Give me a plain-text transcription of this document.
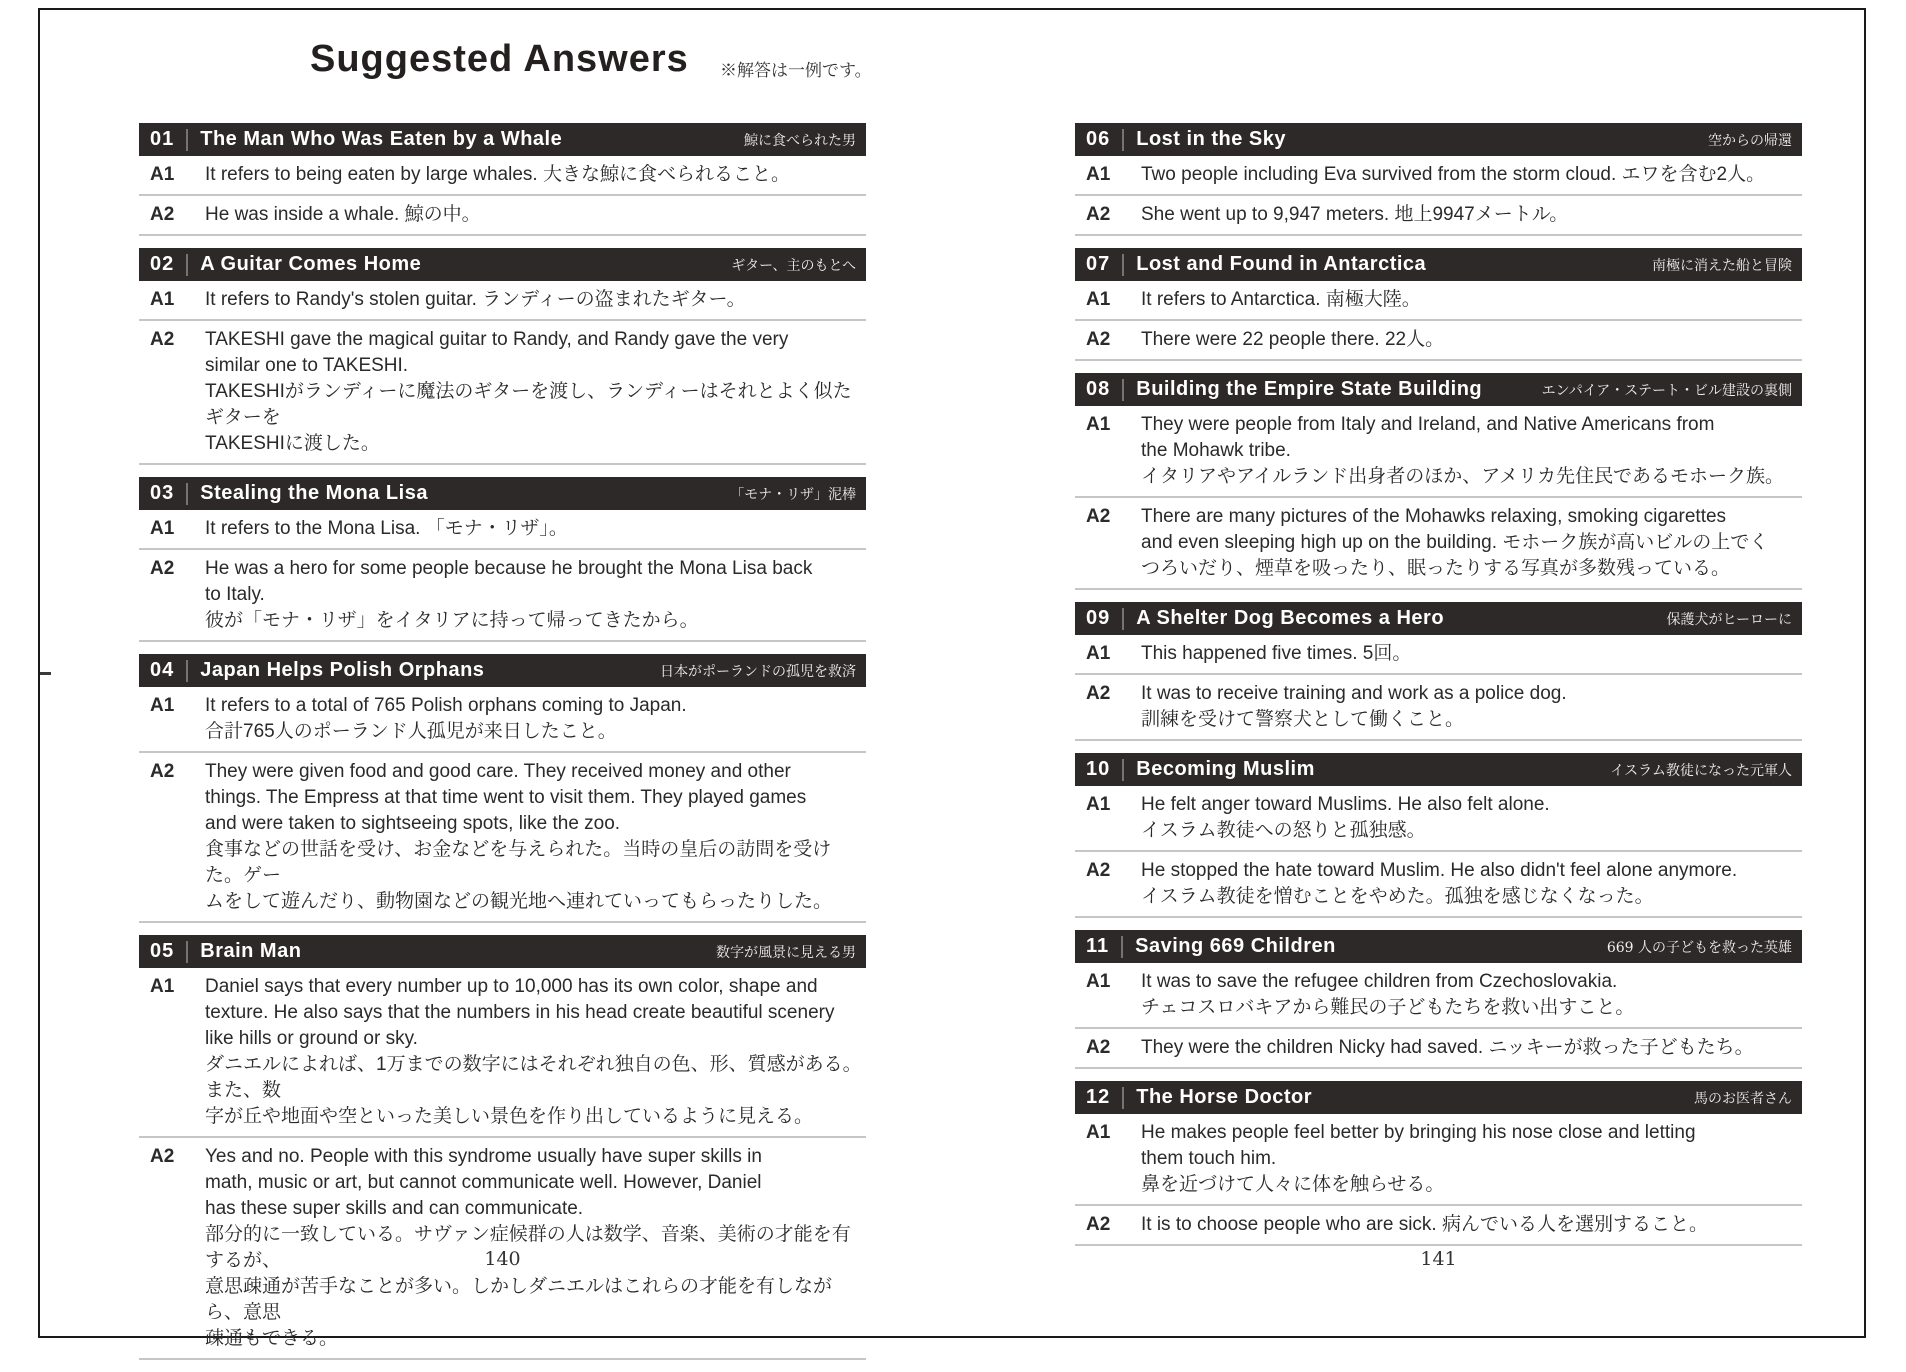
Suggested Answers ※解答は一例です。
01 The Man Who Was Eaten by a Whale	鯨に食べられた男
A1	It refers to being eaten by large whales. 大きな鯨に食べられること。
A2	He was inside a whale. 鯨の中。
02 A Guitar Comes Home	ギター、主のもとへ
A1	It refers to Randy's stolen guitar. ランディーの盗まれたギター。
A2	TAKESHI gave the magical guitar to Randy, and Randy gave the very
similar one to TAKESHI.
TAKESHIがランディーに魔法のギターを渡し、ランディーはそれとよく似たギターを
TAKESHIに渡した。
03 Stealing the Mona Lisa	「モナ・リザ」泥棒
A1	It refers to the Mona Lisa. 「モナ・リザ」。
A2	He was a hero for some people because he brought the Mona Lisa back
to Italy.
彼が「モナ・リザ」をイタリアに持って帰ってきたから。
04 Japan Helps Polish Orphans	日本がポーランドの孤児を救済
A1	It refers to a total of 765 Polish orphans coming to Japan.
合計765人のポーランド人孤児が来日したこと。
A2	They were given food and good care. They received money and other
things. The Empress at that time went to visit them. They played games
and were taken to sightseeing spots, like the zoo.
食事などの世話を受け、お金などを与えられた。当時の皇后の訪問を受けた。ゲー
ムをして遊んだり、動物園などの観光地へ連れていってもらったりした。
05 Brain Man	数字が風景に見える男
A1	Daniel says that every number up to 10,000 has its own color, shape and
texture. He also says that the numbers in his head create beautiful scenery
like hills or ground or sky.
ダニエルによれば、1万までの数字にはそれぞれ独自の色、形、質感がある。また、数
字が丘や地面や空といった美しい景色を作り出しているように見える。
A2	Yes and no. People with this syndrome usually have super skills in
math, music or art, but cannot communicate well. However, Daniel
has these super skills and can communicate.
部分的に一致している。サヴァン症候群の人は数学、音楽、美術の才能を有するが、
意思疎通が苦手なことが多い。しかしダニエルはこれらの才能を有しながら、意思
疎通もできる。
06 Lost in the Sky	空からの帰還
A1	Two people including Eva survived from the storm cloud. エワを含む2人。
A2	She went up to 9,947 meters. 地上9947メートル。
07 Lost and Found in Antarctica	南極に消えた船と冒険
A1	It refers to Antarctica. 南極大陸。
A2	There were 22 people there. 22人。
08 Building the Empire State Building	エンパイア・ステート・ビル建設の裏側
A1	They were people from Italy and Ireland, and Native Americans from
the Mohawk tribe.
イタリアやアイルランド出身者のほか、アメリカ先住民であるモホーク族。
A2	There are many pictures of the Mohawks relaxing, smoking cigarettes
and even sleeping high up on the building. モホーク族が高いビルの上でく
つろいだり、煙草を吸ったり、眠ったりする写真が多数残っている。
09 A Shelter Dog Becomes a Hero	保護犬がヒーローに
A1	This happened five times. 5回。
A2	It was to receive training and work as a police dog.
訓練を受けて警察犬として働くこと。
10 Becoming Muslim	イスラム教徒になった元軍人
A1	He felt anger toward Muslims. He also felt alone.
イスラム教徒への怒りと孤独感。
A2	He stopped the hate toward Muslim. He also didn't feel alone anymore.
イスラム教徒を憎むことをやめた。孤独を感じなくなった。
11 Saving 669 Children	669 人の子どもを救った英雄
A1	It was to save the refugee children from Czechoslovakia.
チェコスロバキアから難民の子どもたちを救い出すこと。
A2	They were the children Nicky had saved. ニッキーが救った子どもたち。
12 The Horse Doctor	馬のお医者さん
A1	He makes people feel better by bringing his nose close and letting
them touch him.
鼻を近づけて人々に体を触らせる。
A2	It is to choose people who are sick. 病んでいる人を選別すること。
140	141
